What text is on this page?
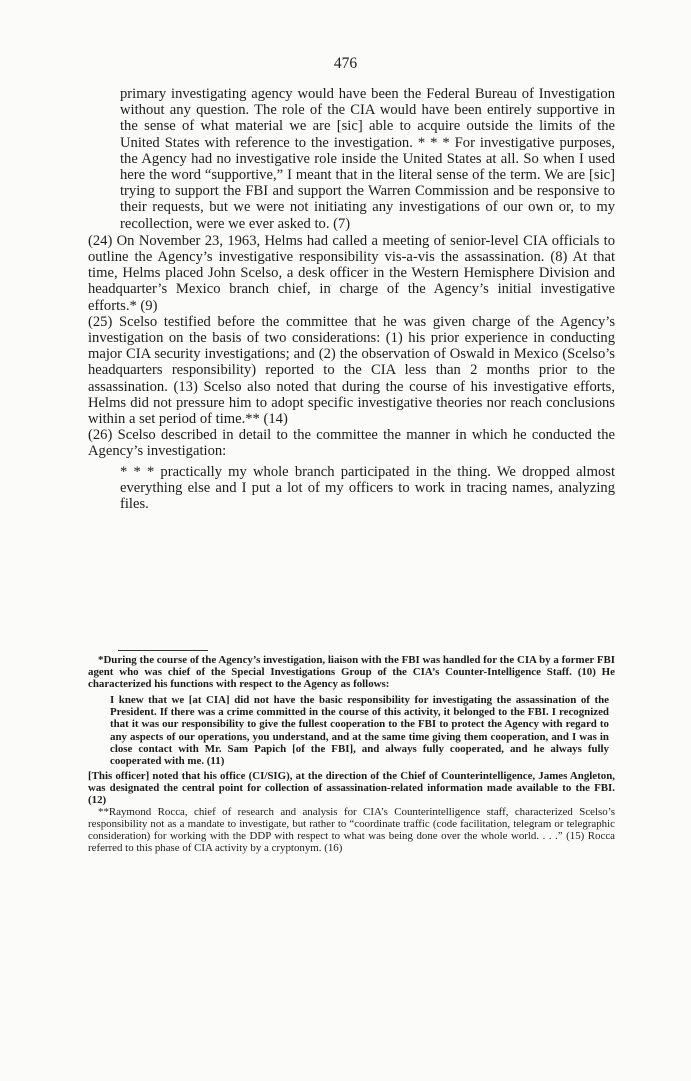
476

primary investigating agency would have been the Federal Bureau of Investigation without any question. The role of the CIA would have been entirely supportive in the sense of what material we are [sic] able to acquire outside the limits of the United States with reference to the investigation. * * * For investigative purposes, the Agency had no investigative role inside the United States at all. So when I used here the word “supportive,” I meant that in the literal sense of the term. We are [sic] trying to support the FBI and support the Warren Commission and be responsive to their requests, but we were not initiating any investigations of our own or, to my recollection, were we ever asked to. (7)

(24) On November 23, 1963, Helms had called a meeting of senior-level CIA officials to outline the Agency’s investigative responsibility vis-a-vis the assassination. (8) At that time, Helms placed John Scelso, a desk officer in the Western Hemisphere Division and headquarter’s Mexico branch chief, in charge of the Agency’s initial investigative efforts.* (9)

(25) Scelso testified before the committee that he was given charge of the Agency’s investigation on the basis of two considerations: (1) his prior experience in conducting major CIA security investigations; and (2) the observation of Oswald in Mexico (Scelso’s headquarters responsibility) reported to the CIA less than 2 months prior to the assassination. (13) Scelso also noted that during the course of his investigative efforts, Helms did not pressure him to adopt specific investigative theories nor reach conclusions within a set period of time.** (14)

(26) Scelso described in detail to the committee the manner in which he conducted the Agency’s investigation:

* * * practically my whole branch participated in the thing. We dropped almost everything else and I put a lot of my officers to work in tracing names, analyzing files.

*During the course of the Agency’s investigation, liaison with the FBI was handled for the CIA by a former FBI agent who was chief of the Special Investigations Group of the CIA’s Counter-Intelligence Staff. (10) He characterized his functions with respect to the Agency as follows:

I knew that we [at CIA] did not have the basic responsibility for investigating the assassination of the President. If there was a crime committed in the course of this activity, it belonged to the FBI. I recognized that it was our responsibility to give the fullest cooperation to the FBI to protect the Agency with regard to any aspects of our operations, you understand, and at the same time giving them cooperation, and I was in close contact with Mr. Sam Papich [of the FBI], and always fully cooperated, and he always fully cooperated with me. (11)

[This officer] noted that his office (CI/SIG), at the direction of the Chief of Counterintelligence, James Angleton, was designated the central point for collection of assassination-related information made available to the FBI. (12)

**Raymond Rocca, chief of research and analysis for CIA’s Counterintelligence staff, characterized Scelso’s responsibility not as a mandate to investigate, but rather to “coordinate traffic (code facilitation, telegram or telegraphic consideration) for working with the DDP with respect to what was being done over the whole world. . . .” (15) Rocca referred to this phase of CIA activity by a cryptonym. (16)
